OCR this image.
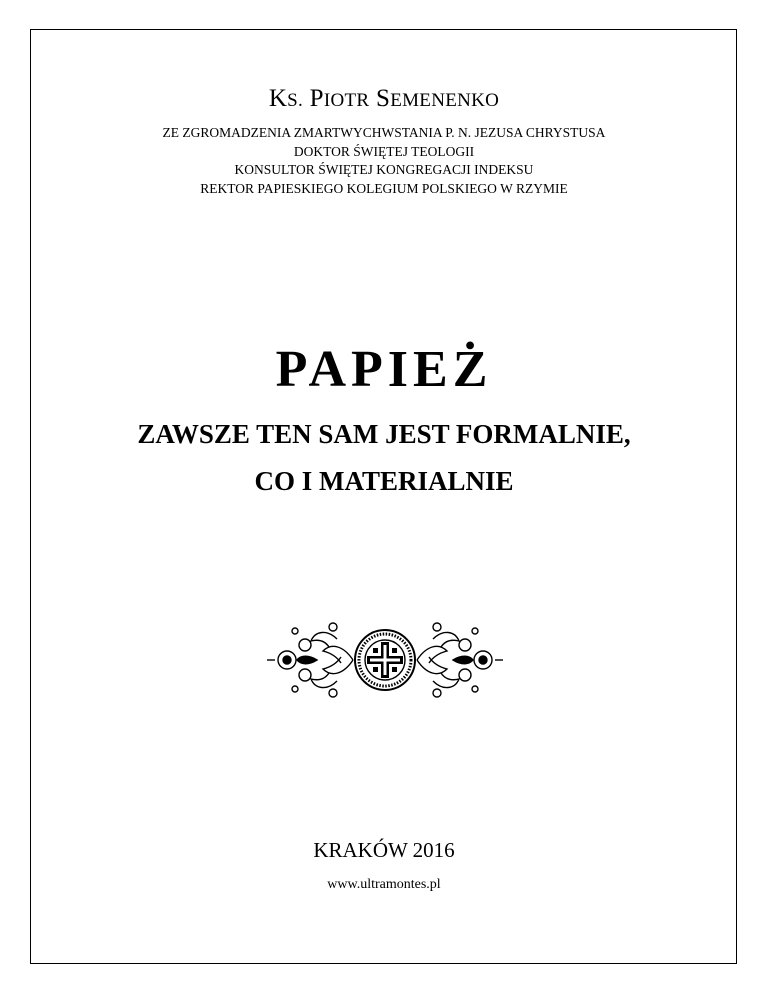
KS. PIOTR SEMENENKO
ZE ZGROMADZENIA ZMARTWYCHWSTANIA P. N. JEZUSA CHRYSTUSA
DOKTOR ŚWIĘTEJ TEOLOGII
KONSULTOR ŚWIĘTEJ KONGREGACJI INDEKSU
REKTOR PAPIESKIEGO KOLEGIUM POLSKIEGO W RZYMIE
PAPIEŻ
ZAWSZE TEN SAM JEST FORMALNIE,
CO I MATERIALNIE
KRAKÓW 2016
www.ultramontes.pl
